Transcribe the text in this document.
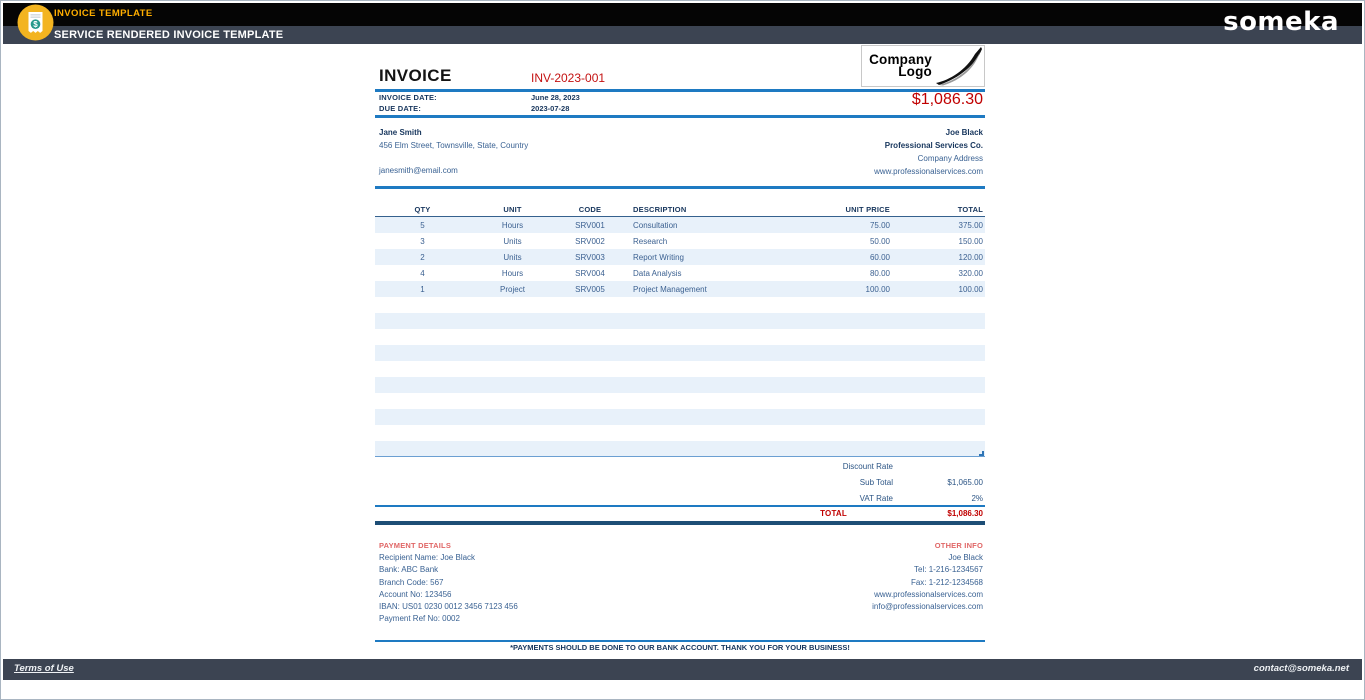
$
INVOICE TEMPLATE
SERVICE RENDERED INVOICE TEMPLATE	someka
INVOICE	INV-2023-001
Company
Logo
INVOICE DATE:	June 28, 2023
DUE DATE:	2023-07-28
$1,086.30
Jane Smith
456 Elm Street, Townsville, State, Country
janesmith@email.com
Joe Black
Professional Services Co.
Company Address
www.professionalservices.com
QTY	UNIT	CODE	DESCRIPTION	UNIT PRICE	TOTAL
5	Hours	SRV001	Consultation	75.00	375.00
3	Units	SRV002	Research	50.00	150.00
2	Units	SRV003	Report Writing	60.00	120.00
4	Hours	SRV004	Data Analysis	80.00	320.00
1	Project	SRV005	Project Management	100.00	100.00
Discount Rate
Sub Total	$1,065.00
VAT Rate	2%
TOTAL	$1,086.30
PAYMENT DETAILS
Recipient Name: Joe Black
Bank: ABC Bank
Branch Code: 567
Account No: 123456
IBAN: US01 0230 0012 3456 7123 456
Payment Ref No: 0002
OTHER INFO
Joe Black
Tel: 1-216-1234567
Fax: 1-212-1234568
www.professionalservices.com
info@professionalservices.com
*PAYMENTS SHOULD BE DONE TO OUR BANK ACCOUNT. THANK YOU FOR YOUR BUSINESS!
Terms of Use	contact@someka.net
